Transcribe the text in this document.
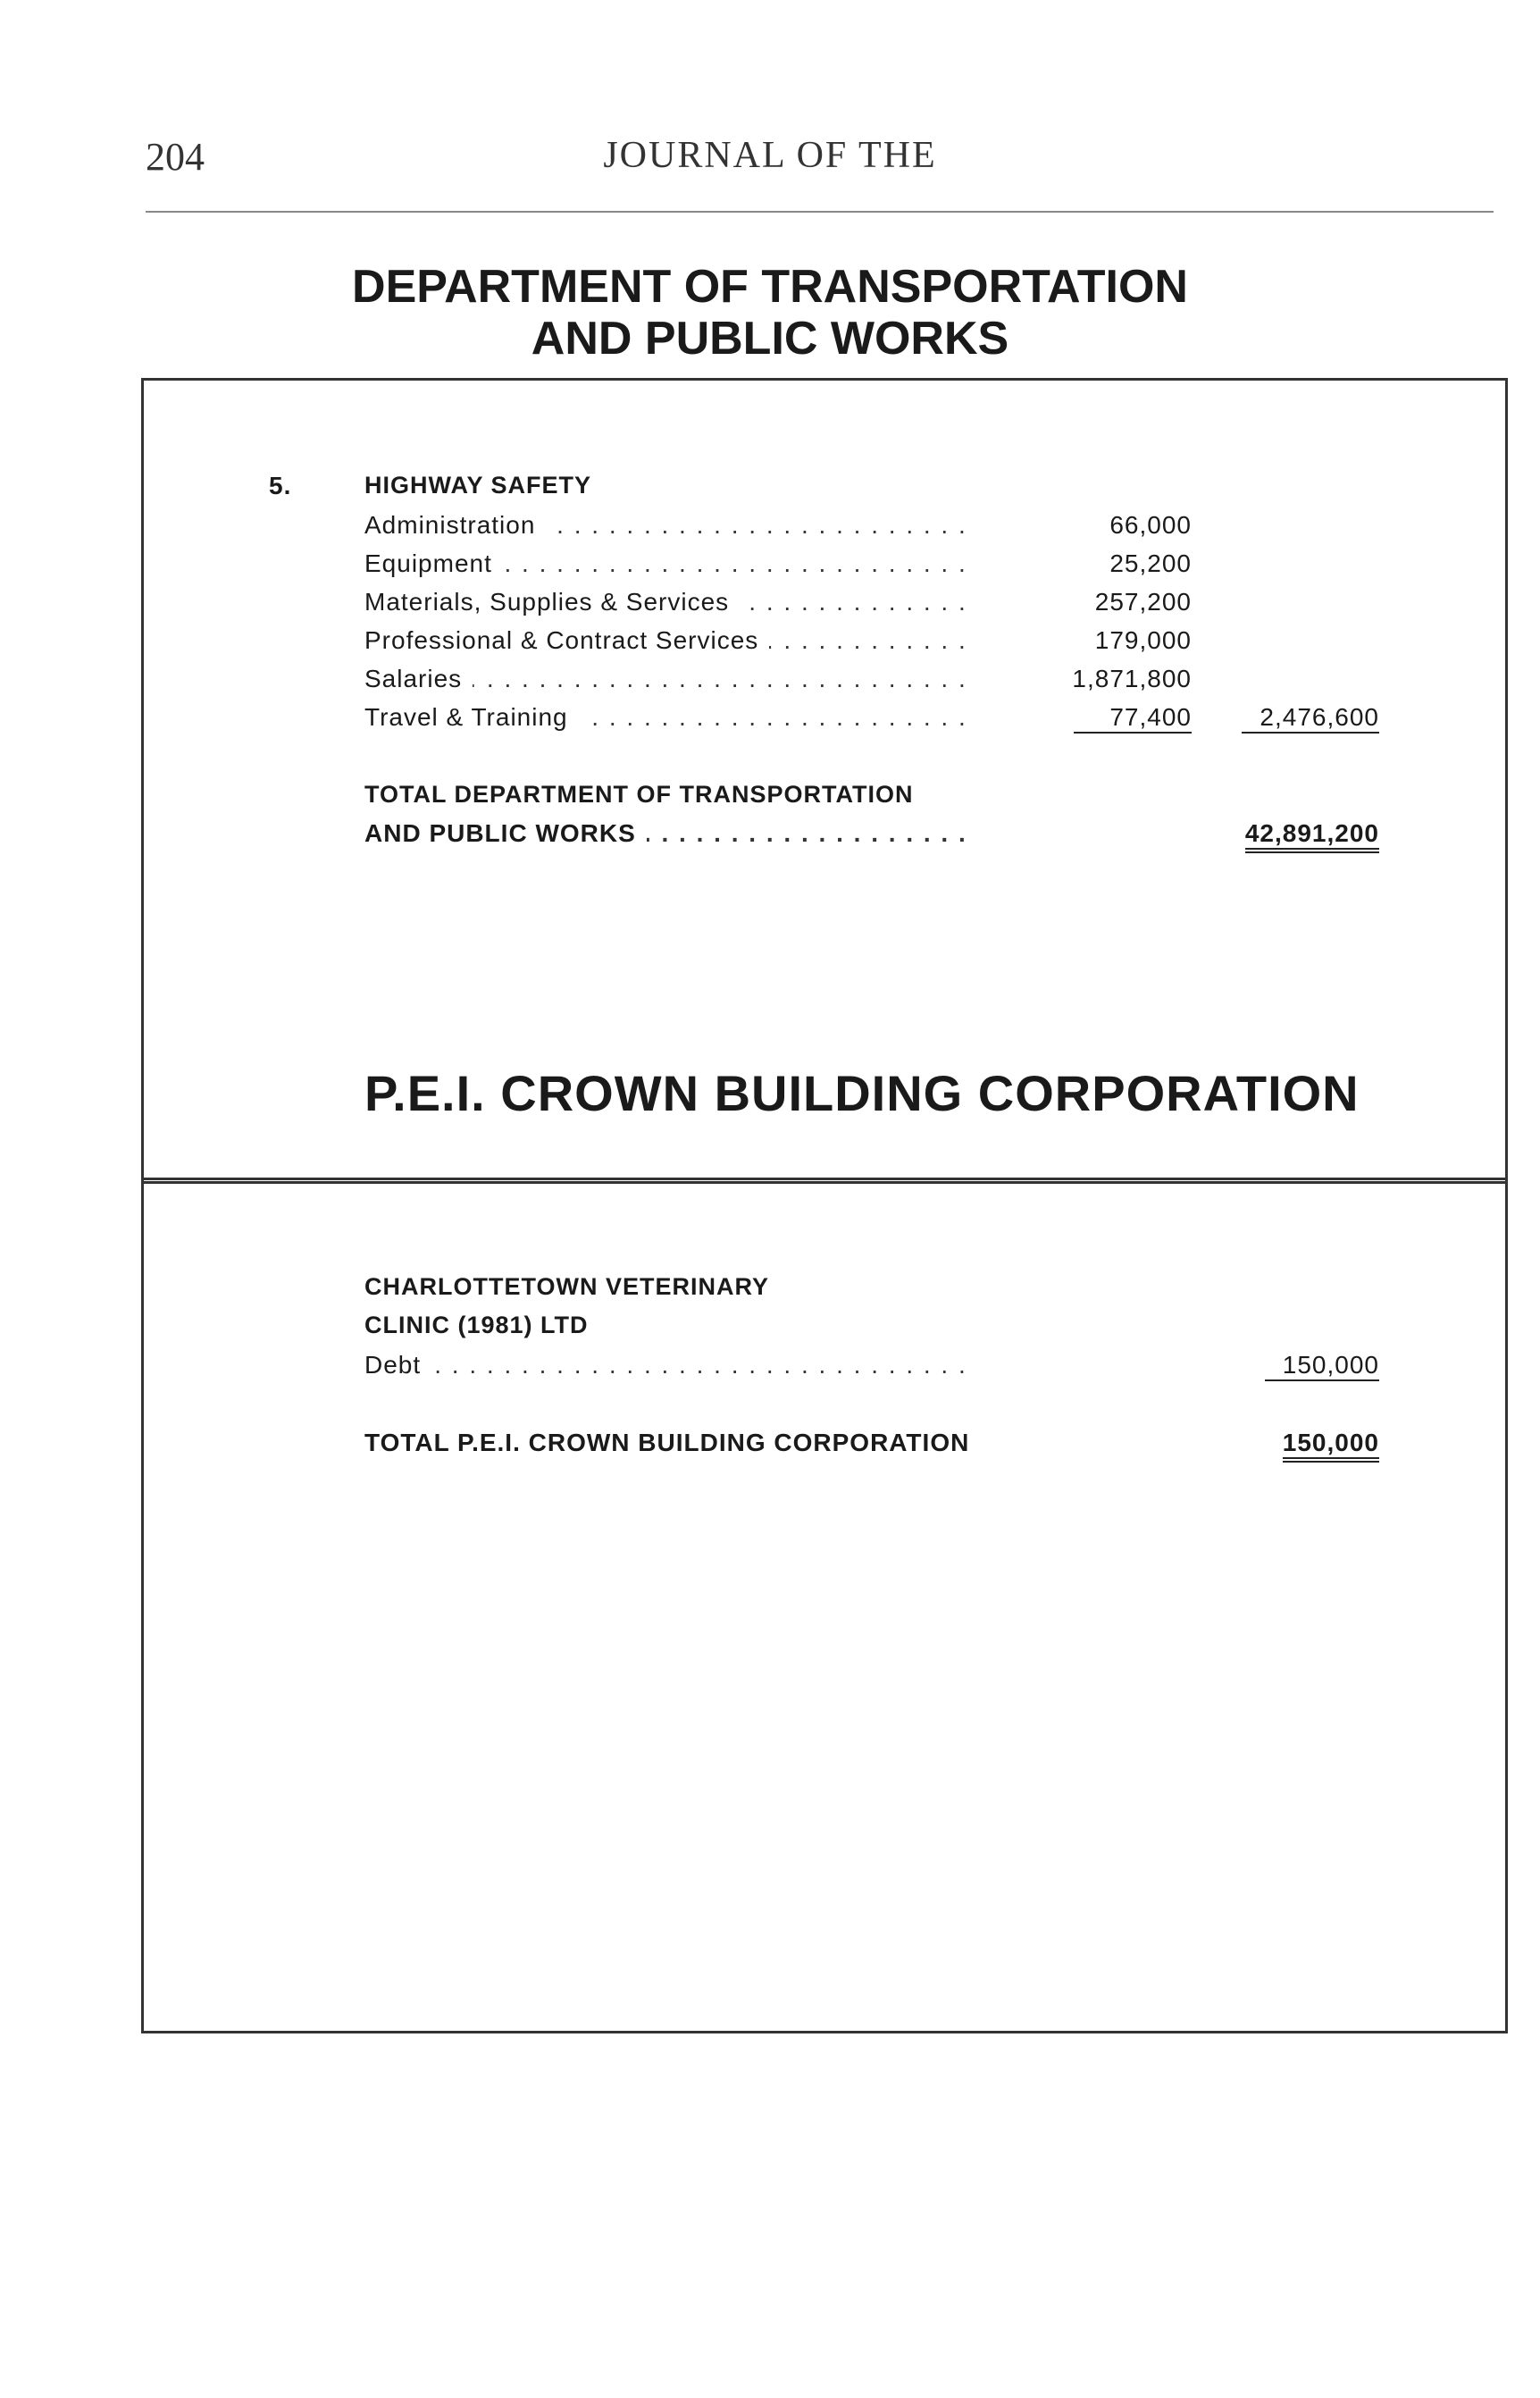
204	JOURNAL OF THE
DEPARTMENT OF TRANSPORTATION
AND PUBLIC WORKS
5.	HIGHWAY SAFETY
Administration . . .	66,000
Equipment . . .	25,200
Materials, Supplies & Services . . .	257,200
Professional & Contract Services . . .	179,000
Salaries . . .	1,871,800
Travel & Training . . .	77,400	2,476,600
TOTAL DEPARTMENT OF TRANSPORTATION
AND PUBLIC WORKS . . .	42,891,200
P.E.I. CROWN BUILDING CORPORATION
CHARLOTTETOWN VETERINARY
CLINIC (1981) LTD
Debt . . .	150,000
TOTAL P.E.I. CROWN BUILDING CORPORATION	150,000
